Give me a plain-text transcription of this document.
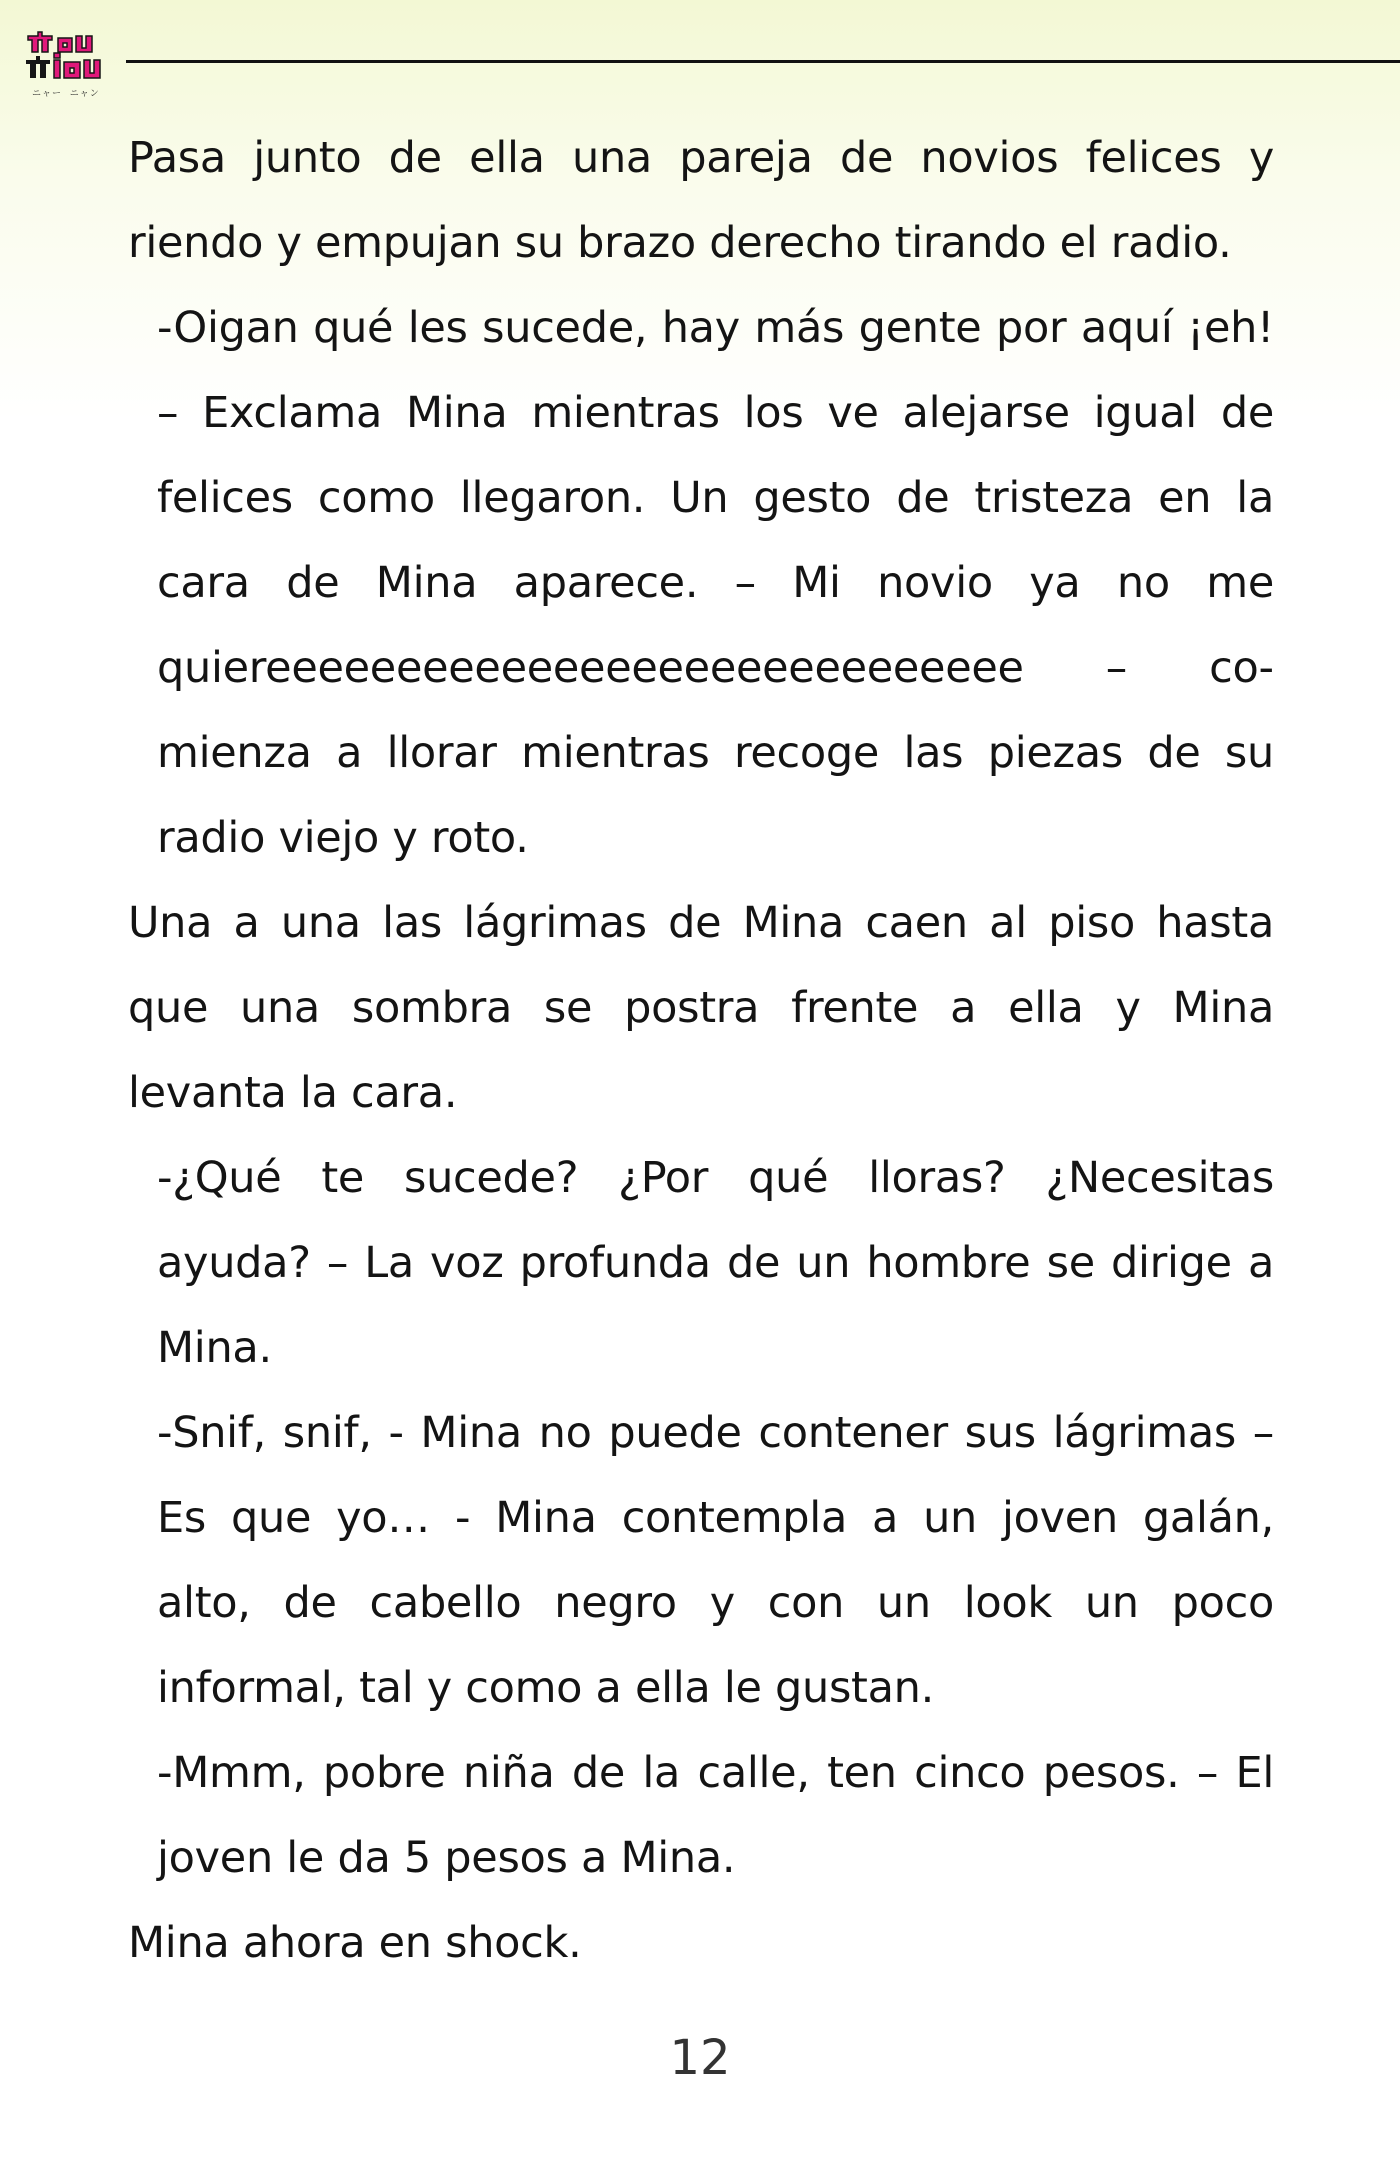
ニャー  ニャン

Pasa junto de ella una pareja de novios felices y riendo y empujan su brazo derecho tirando el radio.

-Oigan qué les sucede, hay más gente por aquí ¡eh! – Exclama Mina mientras los ve alejarse igual de felices como llegaron. Un gesto de tristeza en la cara de Mina aparece. – Mi novio ya no me quiereeeeeeeeeeeeeeeeeeeeeeeeeeeee – comienza a llorar mientras recoge las piezas de su radio viejo y roto.

Una a una las lágrimas de Mina caen al piso hasta que una sombra se postra frente a ella y Mina levanta la cara.

-¿Qué te sucede? ¿Por qué lloras? ¿Necesitas ayuda? – La voz profunda de un hombre se dirige a Mina.

-Snif, snif, - Mina no puede contener sus lágrimas – Es que yo… - Mina contempla a un joven galán, alto, de cabello negro y con un look un poco informal, tal y como a ella le gustan.

-Mmm, pobre niña de la calle, ten cinco pesos. – El joven le da 5 pesos a Mina.

Mina ahora en shock.

12
